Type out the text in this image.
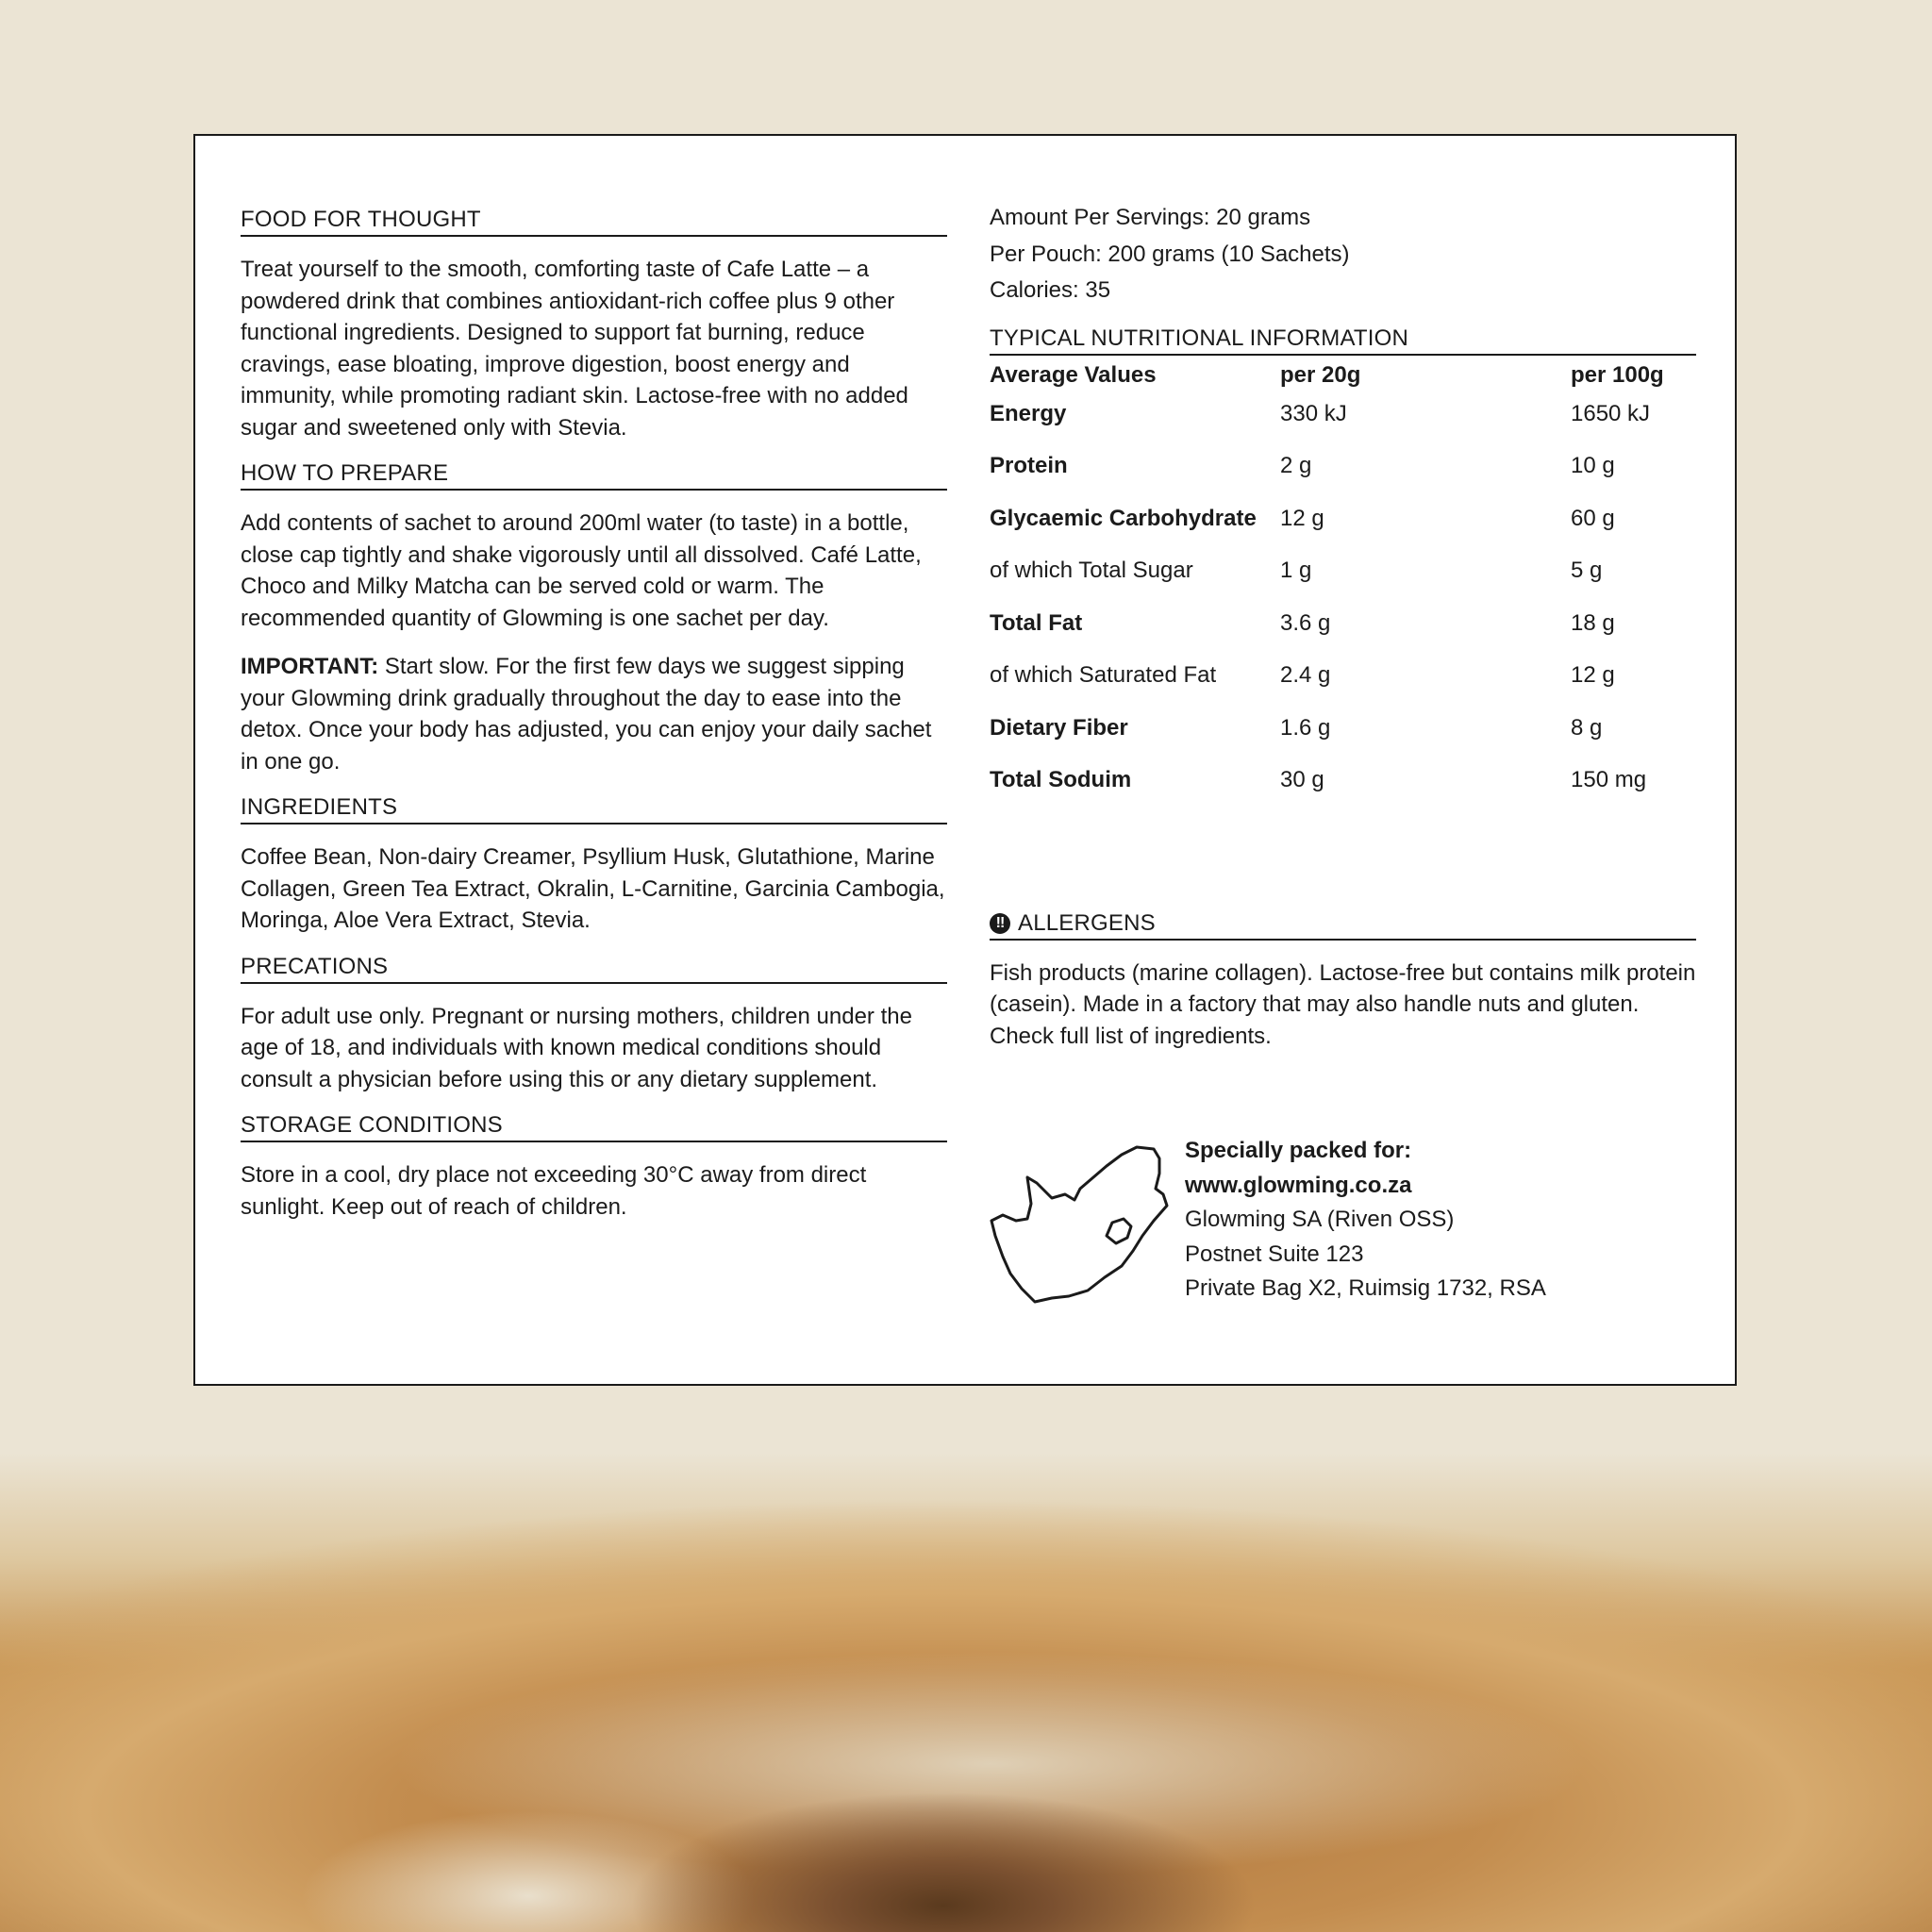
FOOD FOR THOUGHT
Treat yourself to the smooth, comforting taste of Cafe Latte – a powdered drink that combines antioxidant-rich coffee plus 9 other functional ingredients. Designed to support fat burning, reduce cravings, ease bloating, improve digestion, boost energy and immunity, while promoting radiant skin. Lactose-free with no added sugar and sweetened only with Stevia.
HOW TO PREPARE
Add contents of sachet to around 200ml water (to taste) in a bottle, close cap tightly and shake vigorously until all dissolved. Café Latte, Choco and Milky Matcha can be served cold or warm. The recommended quantity of Glowming is one sachet per day.
IMPORTANT: Start slow. For the first few days we suggest sipping your Glowming drink gradually throughout the day to ease into the detox. Once your body has adjusted, you can enjoy your daily sachet in one go.
INGREDIENTS
Coffee Bean, Non-dairy Creamer, Psyllium Husk, Glutathione, Marine Collagen, Green Tea Extract, Okralin, L-Carnitine, Garcinia Cambogia, Moringa, Aloe Vera Extract, Stevia.
PRECATIONS
For adult use only. Pregnant or nursing mothers, children under the age of 18, and individuals with known medical conditions should consult a physician before using this or any dietary supplement.
STORAGE CONDITIONS
Store in a cool, dry place not exceeding 30°C away from direct sunlight. Keep out of reach of children.
Amount Per Servings: 20 grams
Per Pouch: 200 grams (10 Sachets)
Calories: 35
TYPICAL NUTRITIONAL INFORMATION
Average Values	per 20g	per 100g
Energy	330 kJ	1650 kJ
Protein	2 g	10 g
Glycaemic Carbohydrate	12 g	60 g
of which Total Sugar	1 g	5 g
Total Fat	3.6 g	18 g
of which Saturated Fat	2.4 g	12 g
Dietary Fiber	1.6 g	8 g
Total Soduim	30 g	150 mg
!! ALLERGENS
Fish products (marine collagen). Lactose-free but contains milk protein (casein). Made in a factory that may also handle nuts and gluten. Check full list of ingredients.
Specially packed for:
www.glowming.co.za
Glowming SA (Riven OSS)
Postnet Suite 123
Private Bag X2, Ruimsig 1732, RSA
